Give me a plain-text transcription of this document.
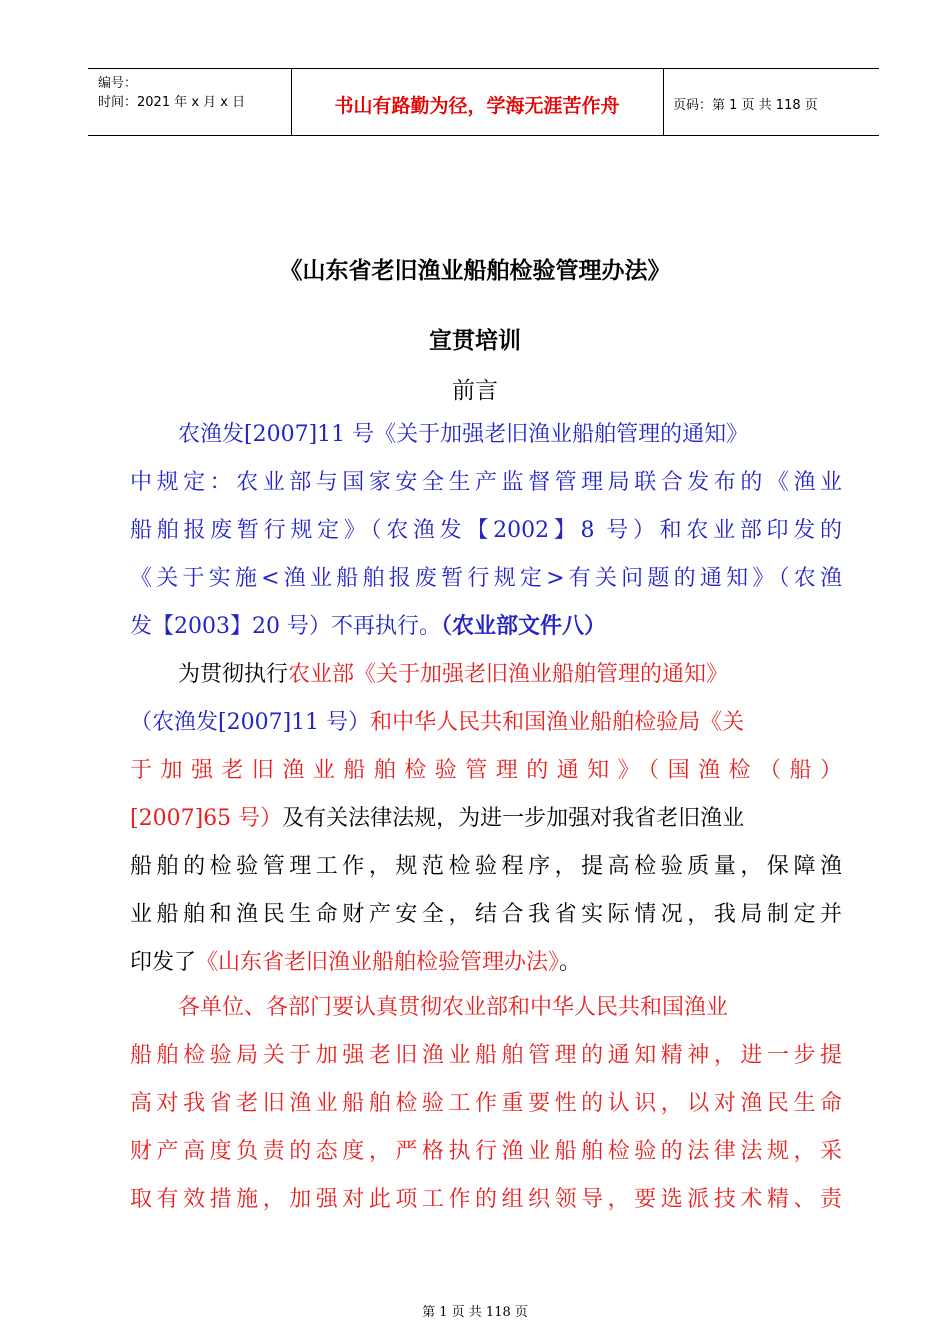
编号：
时间：2021 年 x 月 x 日	书山有路勤为径，学海无涯苦作舟	页码：第 1 页 共 118 页
《山东省老旧渔业船舶检验管理办法》
宣贯培训
前言
农渔发[2007]11 号《关于加强老旧渔业船舶管理的通知》
中规定：农业部与国家安全生产监督管理局联合发布的《渔业
船舶报废暂行规定》（农渔发【2002】8 号）和农业部印发的
《关于实施<渔业船舶报废暂行规定>有关问题的通知》（农渔
发【2003】20 号）不再执行。（农业部文件八）
为贯彻执行农业部《关于加强老旧渔业船舶管理的通知》
（农渔发[2007]11 号）和中华人民共和国渔业船舶检验局《关
于加强老旧渔业船舶检验管理的通知》（国渔检（船）
[2007]65 号）及有关法律法规，为进一步加强对我省老旧渔业
船舶的检验管理工作，规范检验程序，提高检验质量，保障渔
业船舶和渔民生命财产安全，结合我省实际情况，我局制定并
印发了《山东省老旧渔业船舶检验管理办法》。
各单位、各部门要认真贯彻农业部和中华人民共和国渔业
船舶检验局关于加强老旧渔业船舶管理的通知精神，进一步提
高对我省老旧渔业船舶检验工作重要性的认识，以对渔民生命
财产高度负责的态度，严格执行渔业船舶检验的法律法规，采
取有效措施，加强对此项工作的组织领导，要选派技术精、责
第 1 页 共 118 页
